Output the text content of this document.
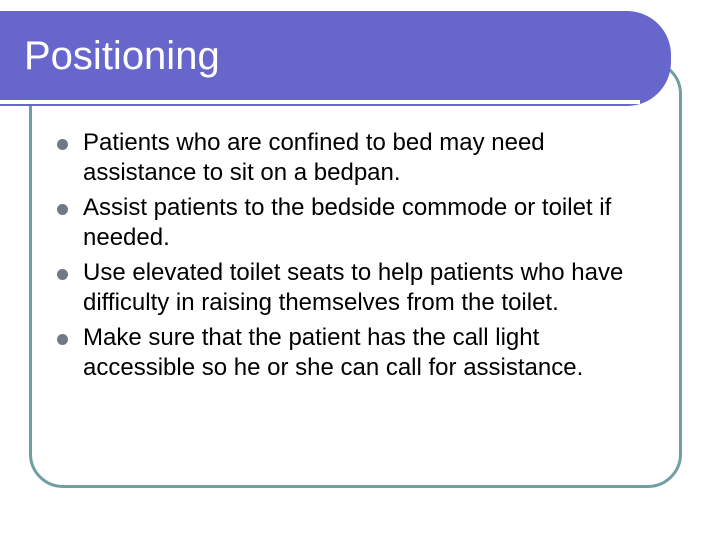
Positioning
Patients who are confined to bed may need assistance to sit on a bedpan.
Assist patients to the bedside commode or toilet if needed.
Use elevated toilet seats to help patients who have difficulty in raising themselves from the toilet.
Make sure that the patient has the call light accessible so he or she can call for assistance.
